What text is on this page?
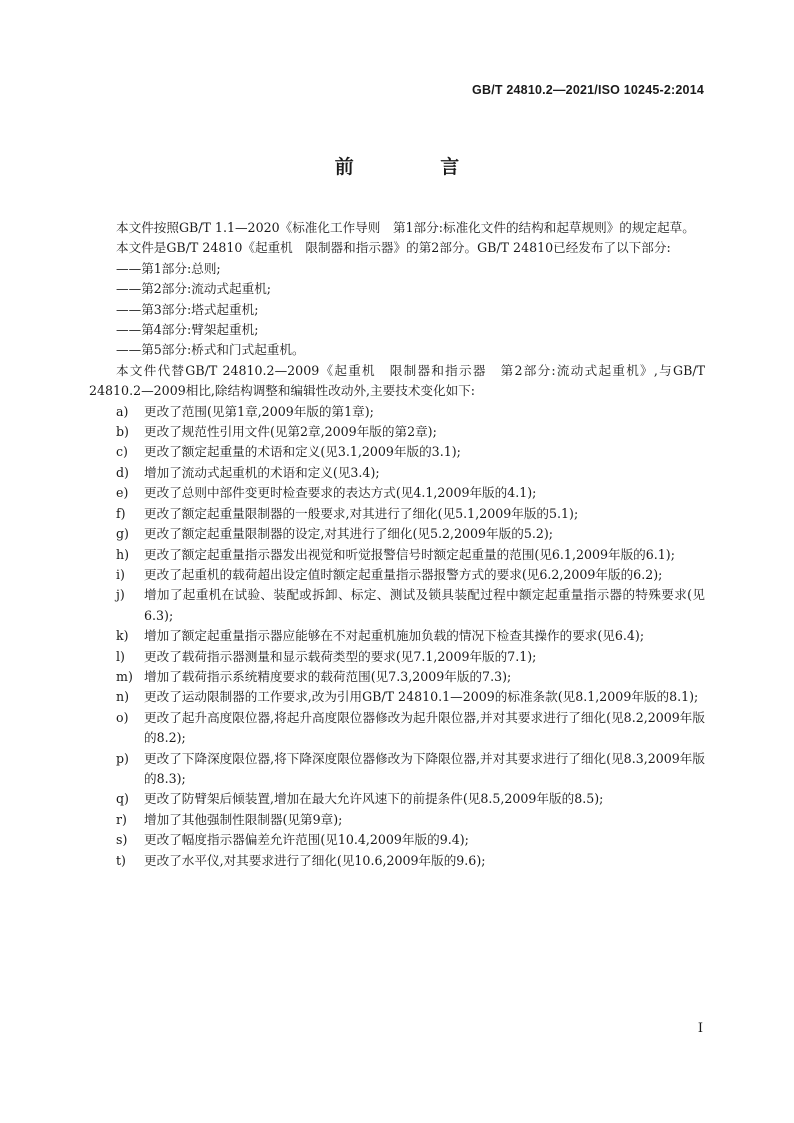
GB/T 24810.2—2021/ISO 10245-2:2014
前 言

本文件按照GB/T 1.1—2020《标准化工作导则　第1部分:标准化文件的结构和起草规则》的规定起草。

本文件是GB/T 24810《起重机　限制器和指示器》的第2部分。GB/T 24810已经发布了以下部分:

——第1部分:总则;

——第2部分:流动式起重机;

——第3部分:塔式起重机;

——第4部分:臂架起重机;

——第5部分:桥式和门式起重机。

本文件代替GB/T 24810.2—2009《起重机　限制器和指示器　第2部分:流动式起重机》,与GB/T 24810.2—2009相比,除结构调整和编辑性改动外,主要技术变化如下:

a) 更改了范围(见第1章,2009年版的第1章);

b) 更改了规范性引用文件(见第2章,2009年版的第2章);

c) 更改了额定起重量的术语和定义(见3.1,2009年版的3.1);

d) 增加了流动式起重机的术语和定义(见3.4);

e) 更改了总则中部件变更时检查要求的表达方式(见4.1,2009年版的4.1);

f) 更改了额定起重量限制器的一般要求,对其进行了细化(见5.1,2009年版的5.1);

g) 更改了额定起重量限制器的设定,对其进行了细化(见5.2,2009年版的5.2);

h) 更改了额定起重量指示器发出视觉和听觉报警信号时额定起重量的范围(见6.1,2009年版的6.1);

i) 更改了起重机的载荷超出设定值时额定起重量指示器报警方式的要求(见6.2,2009年版的6.2);

j) 增加了起重机在试验、装配或拆卸、标定、测试及锁具装配过程中额定起重量指示器的特殊要求(见6.3);

k) 增加了额定起重量指示器应能够在不对起重机施加负载的情况下检查其操作的要求(见6.4);

l) 更改了载荷指示器测量和显示载荷类型的要求(见7.1,2009年版的7.1);

m) 增加了载荷指示系统精度要求的载荷范围(见7.3,2009年版的7.3);

n) 更改了运动限制器的工作要求,改为引用GB/T 24810.1—2009的标准条款(见8.1,2009年版的8.1);

o) 更改了起升高度限位器,将起升高度限位器修改为起升限位器,并对其要求进行了细化(见8.2,2009年版的8.2);

p) 更改了下降深度限位器,将下降深度限位器修改为下降限位器,并对其要求进行了细化(见8.3,2009年版的8.3);

q) 更改了防臂架后倾装置,增加在最大允许风速下的前提条件(见8.5,2009年版的8.5);

r) 增加了其他强制性限制器(见第9章);

s) 更改了幅度指示器偏差允许范围(见10.4,2009年版的9.4);

t) 更改了水平仪,对其要求进行了细化(见10.6,2009年版的9.6);

I
